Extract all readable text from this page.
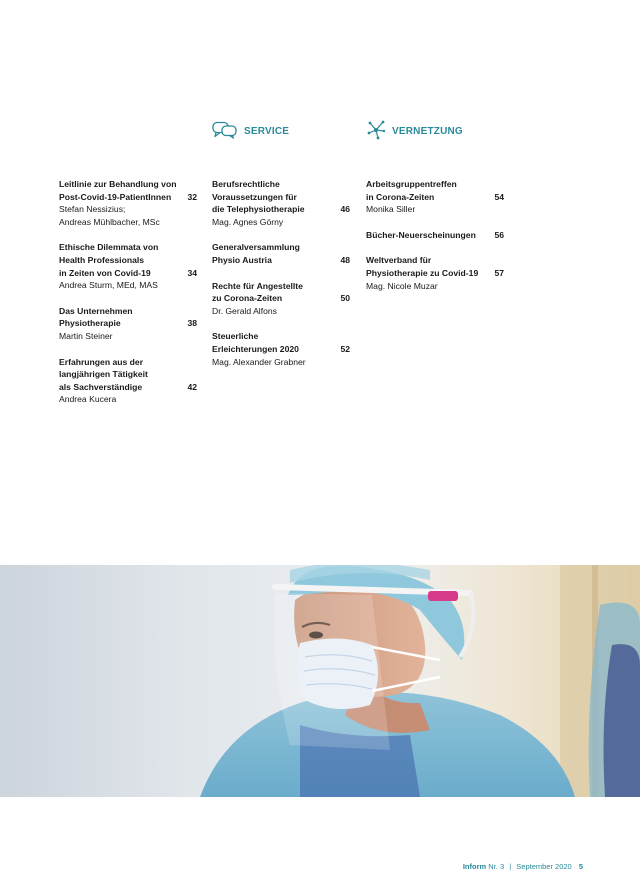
SERVICE	VERNETZUNG
Leitlinie zur Behandlung von
Post-Covid-19-PatientInnen	32
Stefan Nessizius;
Andreas Mühlbacher, MSc
Ethische Dilemmata von
Health Professionals
in Zeiten von Covid-19	34
Andrea Sturm, MEd, MAS
Das Unternehmen
Physiotherapie	38
Martin Steiner
Erfahrungen aus der
langjährigen Tätigkeit
als Sachverständige	42
Andrea Kucera
Berufsrechtliche
Voraussetzungen für
die Telephysiotherapie	46
Mag. Agnes Görny
Generalversammlung
Physio Austria	48
Rechte für Angestellte
zu Corona-Zeiten	50
Dr. Gerald Alfons
Steuerliche
Erleichterungen 2020	52
Mag. Alexander Grabner
Arbeitsgruppentreffen
in Corona-Zeiten	54
Monika Siller
Bücher-Neuerscheinungen 56
Weltverband für
Physiotherapie zu Covid-19 57
Mag. Nicole Muzar
Inform Nr. 3 | September 2020 5
